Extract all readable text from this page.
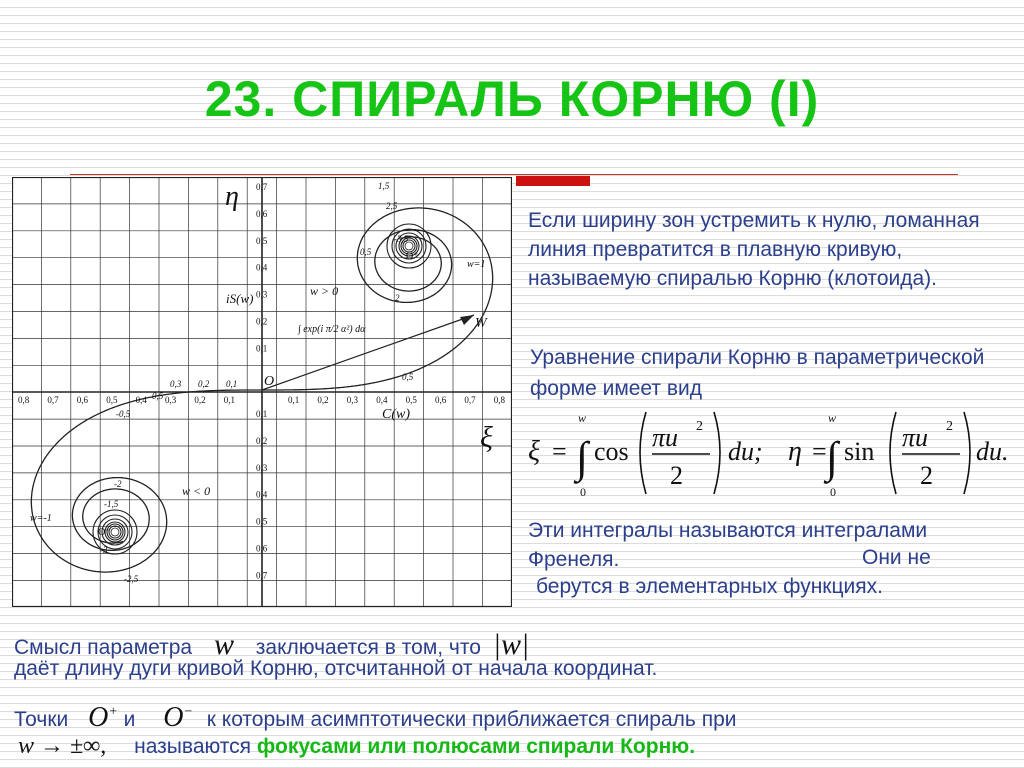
23. СПИРАЛЬ КОРНЮ (I)
0,8 0,7 0,6 0,5 0,4 0,3 0,2 0,1	0,1 0,2 0,3 0,4 0,5 0,6 0,7 0,8
0,7
0,6
0,5
0,4
0,3
0,2
0,1
0,1
0,2
0,3
0,4
0,5
0,6
0,7
η
ξ
O
W
iS(w)
C(w)
w > 0
w < 0
∫ exp(i π/2 α²) dα
w=1
w=-1
O⁺
O⁻
1,5
2,5
-3,5
0,5
2
-2
-1,5
-3
-2,5
0,3 0,2 0,1
-0,5
0,5
0,5
Если ширину зон устремить к нулю, ломанная линия превратится в плавную кривую, называемую спиралью Корню (клотоида).
Уравнение спирали Корню в параметрической форме имеет вид
ξ = ∫
w
0
cos πu 2
2
du; η = ∫
w
0
sin πu 2
2
du.
Эти интегралы называются интегралами Френеля.	Они не
берутся в элементарных функциях.
Смысл параметра w заключается в том, что |w|
даёт длину дуги кривой Корню, отсчитанной от начала координат.
Точки O+ и O− к которым асимптотически приближается спираль при
w → ±∞, называются фокусами или полюсами спирали Корню.
